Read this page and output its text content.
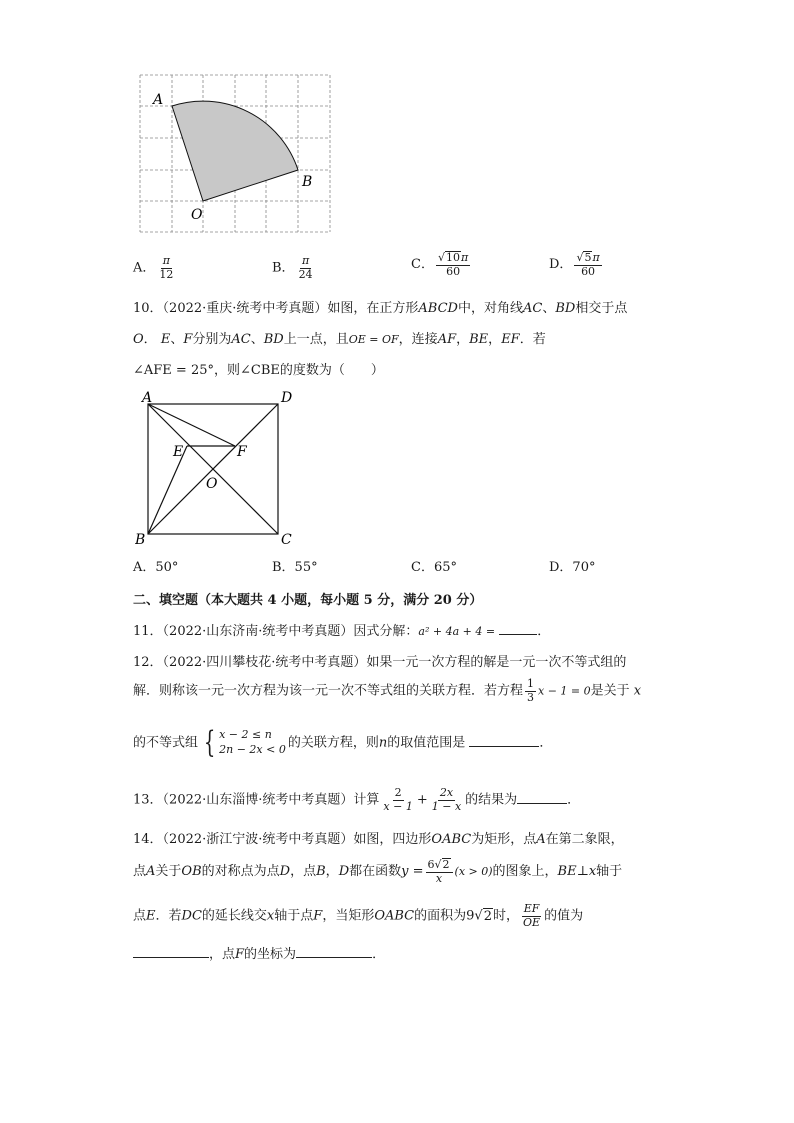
A
B
O
A． $\frac{\pi}{12}$	B． $\frac{\pi}{24}$	C． $\frac{√10\pi}{60}$	D． $\frac{√5\pi}{60}$
10．（2022·重庆·统考中考真题）如图，在正方形ABCD中，对角线AC、BD相交于点
O． E、F分别为AC、BD上一点，且OE = OF，连接AF，BE，EF．若
∠AFE = 25°，则∠CBE的度数为（　　）
A	D
B	C
E	F
O
A．50°	B．55°	C．65°	D．70°
二、填空题（本大题共 4 小题，每小题 5 分，满分 20 分）
11．（2022·山东济南·统考中考真题）因式分解：a² + 4a + 4 =	．
12．（2022·四川攀枝花·统考中考真题）如果一元一次方程的解是一元一次不等式组的
解．则称该一元一次方程为该一元一次不等式组的关联方程．若方程 $\frac{1}{3}$ x − 1 = 0是关于 x
的不等式组 { x − 2 ≤ n
2n − 2x < 0 的关联方程，则n的取值范围是	．
13．（2022·山东淄博·统考中考真题）计算 $\frac{2}{x - 1} + \frac{2x}{1 - x}$ 的结果为	．
14．（2022·浙江宁波·统考中考真题）如图，四边形OABC为矩形，点A在第二象限，
点A关于OB的对称点为点D，点B，D都在函数$y = \frac{6√2}{x} (x > 0)$的图象上，BE⊥x轴于
点E．若DC的延长线交x轴于点F，当矩形OABC的面积为9√2时， $\frac{EF}{OE}$ 的值为
，点F的坐标为	．
